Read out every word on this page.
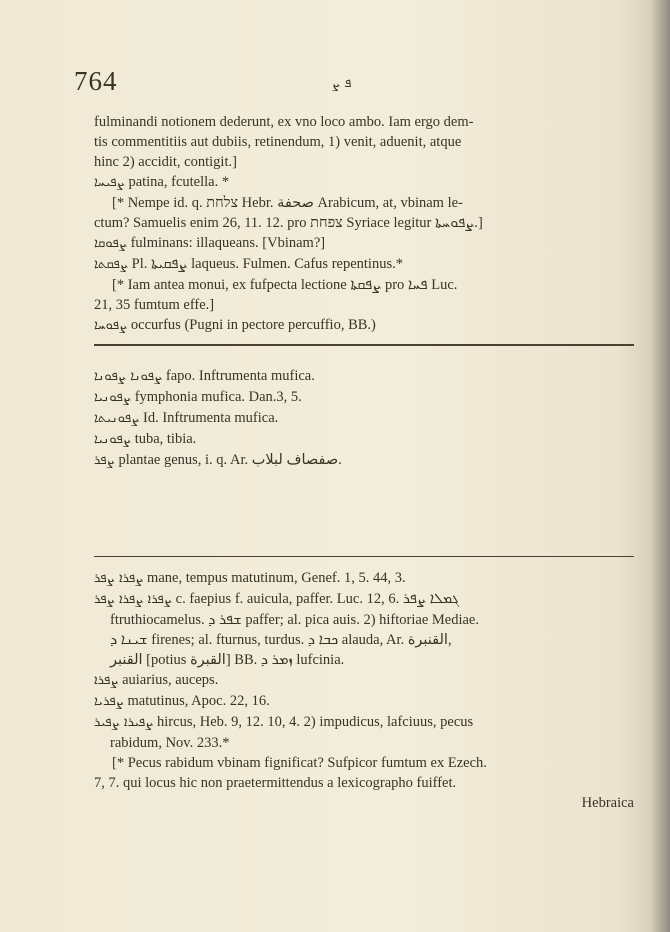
764	ܦ ܨ
fulminandi notionem dederunt, ex vno loco ambo. Iam ergo dem-
tis commentitiis aut dubiis, retinendum, 1) venit, aduenit, atque
hinc 2) accidit, contigit.]
ܨܦܝܚܐ patina, fcutella. *
[* Nempe id. q. צלחת Hebr. صحفة Arabicum, at, vbinam le-
ctum? Samuelis enim 26, 11. 12. pro צפחת Syriace legitur ܨܦܘܚܬܐ.]
ܨܦܘܩܐ fulminans: illaqueans. [Vbinam?]
ܨܦܩܬܐ Pl. ܨܦܩܝܬܐ laqueus. Fulmen. Cafus repentinus.*
[* Iam antea monui, ex fufpecta lectione ܨܦܩܬܐ pro ܦܚܐ Luc.
21, 35 fumtum effe.]
ܨܦܘܚܐ occurfus (Pugni in pectore percuffio, BB.)
ܨܦܘܢܐ ܨܦܘܢܐ fapo. Inftrumenta mufica.
ܨܦܘܢܝܐ fymphonia mufica. Dan.3, 5.
ܨܦܘܢܝܬܐ Id. Inftrumenta mufica.
ܨܦܘܢܝܐ tuba, tibia.
ܨܦܪ plantae genus, i. q. Ar. صفصاف لبلاب.
ܨܦܪܐ ܨܦܪ mane, tempus matutinum, Genef. 1, 5. 44, 3.
ܨܦܪܐ ܨܦܪܐ ܨܦܪ c. faepius f. auicula, paffer. Luc. 12, 6. ܓܡܠܐ ܨܦܪ
ftruthiocamelus. ܫܦܪ ܕ paffer; al. pica auis. 2) hiftoriae Mediae.
ܫܝܢܐ ܕ firenes; al. fturnus, turdus. ܟܒܐ ܕ alauda, Ar. القنبرة,
القنبر [potius القبرة] BB. ܙܡܪ ܕ lufcinia.
ܨܦܪܐ auiarius, auceps.
ܨܦܪܝܐ matutinus, Apoc. 22, 16.
ܨܦܝܪܐ ܨܦܝܪ hircus, Heb. 9, 12. 10, 4. 2) impudicus, lafciuus, pecus
rabidum, Nov. 233.*
[* Pecus rabidum vbinam fignificat? Sufpicor fumtum ex Ezech.
7, 7. qui locus hic non praetermittendus a lexicographo fuiffet.
Hebraica
